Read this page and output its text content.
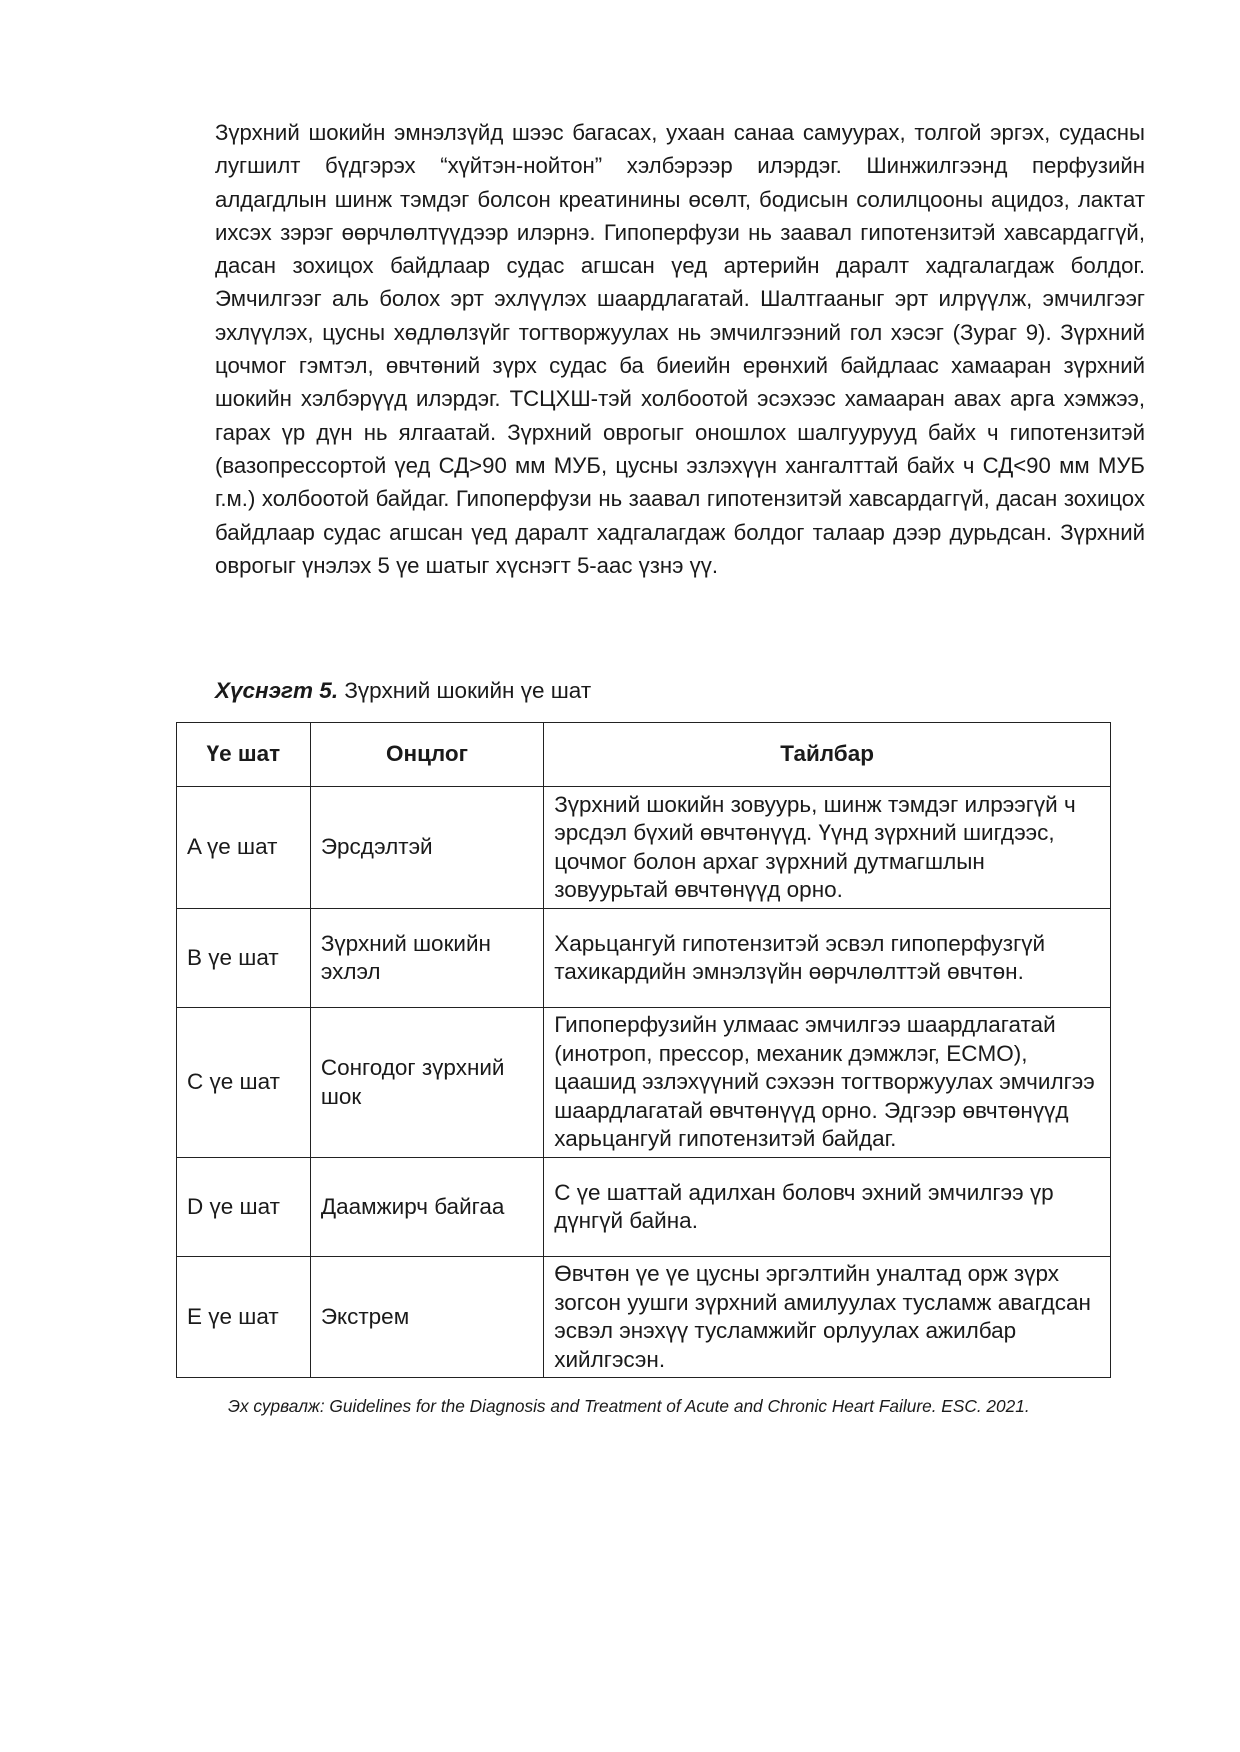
Зүрхний шокийн эмнэлзүйд шээс багасах, ухаан санаа самуурах, толгой эргэх, судасны лугшилт бүдгэрэх “хүйтэн-нойтон” хэлбэрээр илэрдэг. Шинжилгээнд перфузийн алдагдлын шинж тэмдэг болсон креатинины өсөлт, бодисын солилцооны ацидоз, лактат ихсэх зэрэг өөрчлөлтүүдээр илэрнэ. Гипоперфузи нь заавал гипотензитэй хавсардаггүй, дасан зохицох байдлаар судас агшсан үед артерийн даралт хадгалагдаж болдог. Эмчилгээг аль болох эрт эхлүүлэх шаардлагатай. Шалтгааныг эрт илрүүлж, эмчилгээг эхлүүлэх, цусны хөдлөлзүйг тогтворжуулах нь эмчилгээний гол хэсэг (Зураг 9). Зүрхний цочмог гэмтэл, өвчтөний зүрх судас ба биеийн ерөнхий байдлаас хамааран зүрхний шокийн хэлбэрүүд илэрдэг. ТСЦХШ-тэй холбоотой эсэхээс хамааран авах арга хэмжээ, гарах үр дүн нь ялгаатай. Зүрхний оврогыг оношлох шалгуурууд байх ч гипотензитэй (вазопрессортой үед СД>90 мм МУБ, цусны эзлэхүүн хангалттай байх ч СД<90 мм МУБ г.м.) холбоотой байдаг. Гипоперфузи нь заавал гипотензитэй хавсардаггүй, дасан зохицох байдлаар судас агшсан үед даралт хадгалагдаж болдог талаар дээр дурьдсан. Зүрхний оврогыг үнэлэх 5 үе шатыг хүснэгт 5-аас үзнэ үү.

Хүснэгт 5. Зүрхний шокийн үе шат

Үе шат	Онцлог	Тайлбар
A үе шат	Эрсдэлтэй	Зүрхний шокийн зовуурь, шинж тэмдэг илрээгүй ч эрсдэл бүхий өвчтөнүүд. Үүнд зүрхний шигдээс, цочмог болон архаг зүрхний дутмагшлын зовуурьтай өвчтөнүүд орно.
B үе шат	Зүрхний шокийн эхлэл	Харьцангуй гипотензитэй эсвэл гипоперфузгүй тахикардийн эмнэлзүйн өөрчлөлттэй өвчтөн.
C үе шат	Сонгодог зүрхний шок	Гипоперфузийн улмаас эмчилгээ шаардлагатай (инотроп, прессор, механик дэмжлэг, ECMO), цаашид эзлэхүүний сэхээн тогтворжуулах эмчилгээ шаардлагатай өвчтөнүүд орно. Эдгээр өвчтөнүүд харьцангуй гипотензитэй байдаг.
D үе шат	Даамжирч байгаа	C үе шаттай адилхан боловч эхний эмчилгээ үр дүнгүй байна.
E үе шат	Экстрем	Өвчтөн үе үе цусны эргэлтийн уналтад орж зүрх зогсон уушги зүрхний амилуулах тусламж авагдсан эсвэл энэхүү тусламжийг орлуулах ажилбар хийлгэсэн.

Эх сурвалж: Guidelines for the Diagnosis and Treatment of Acute and Chronic Heart Failure. ESC. 2021.
